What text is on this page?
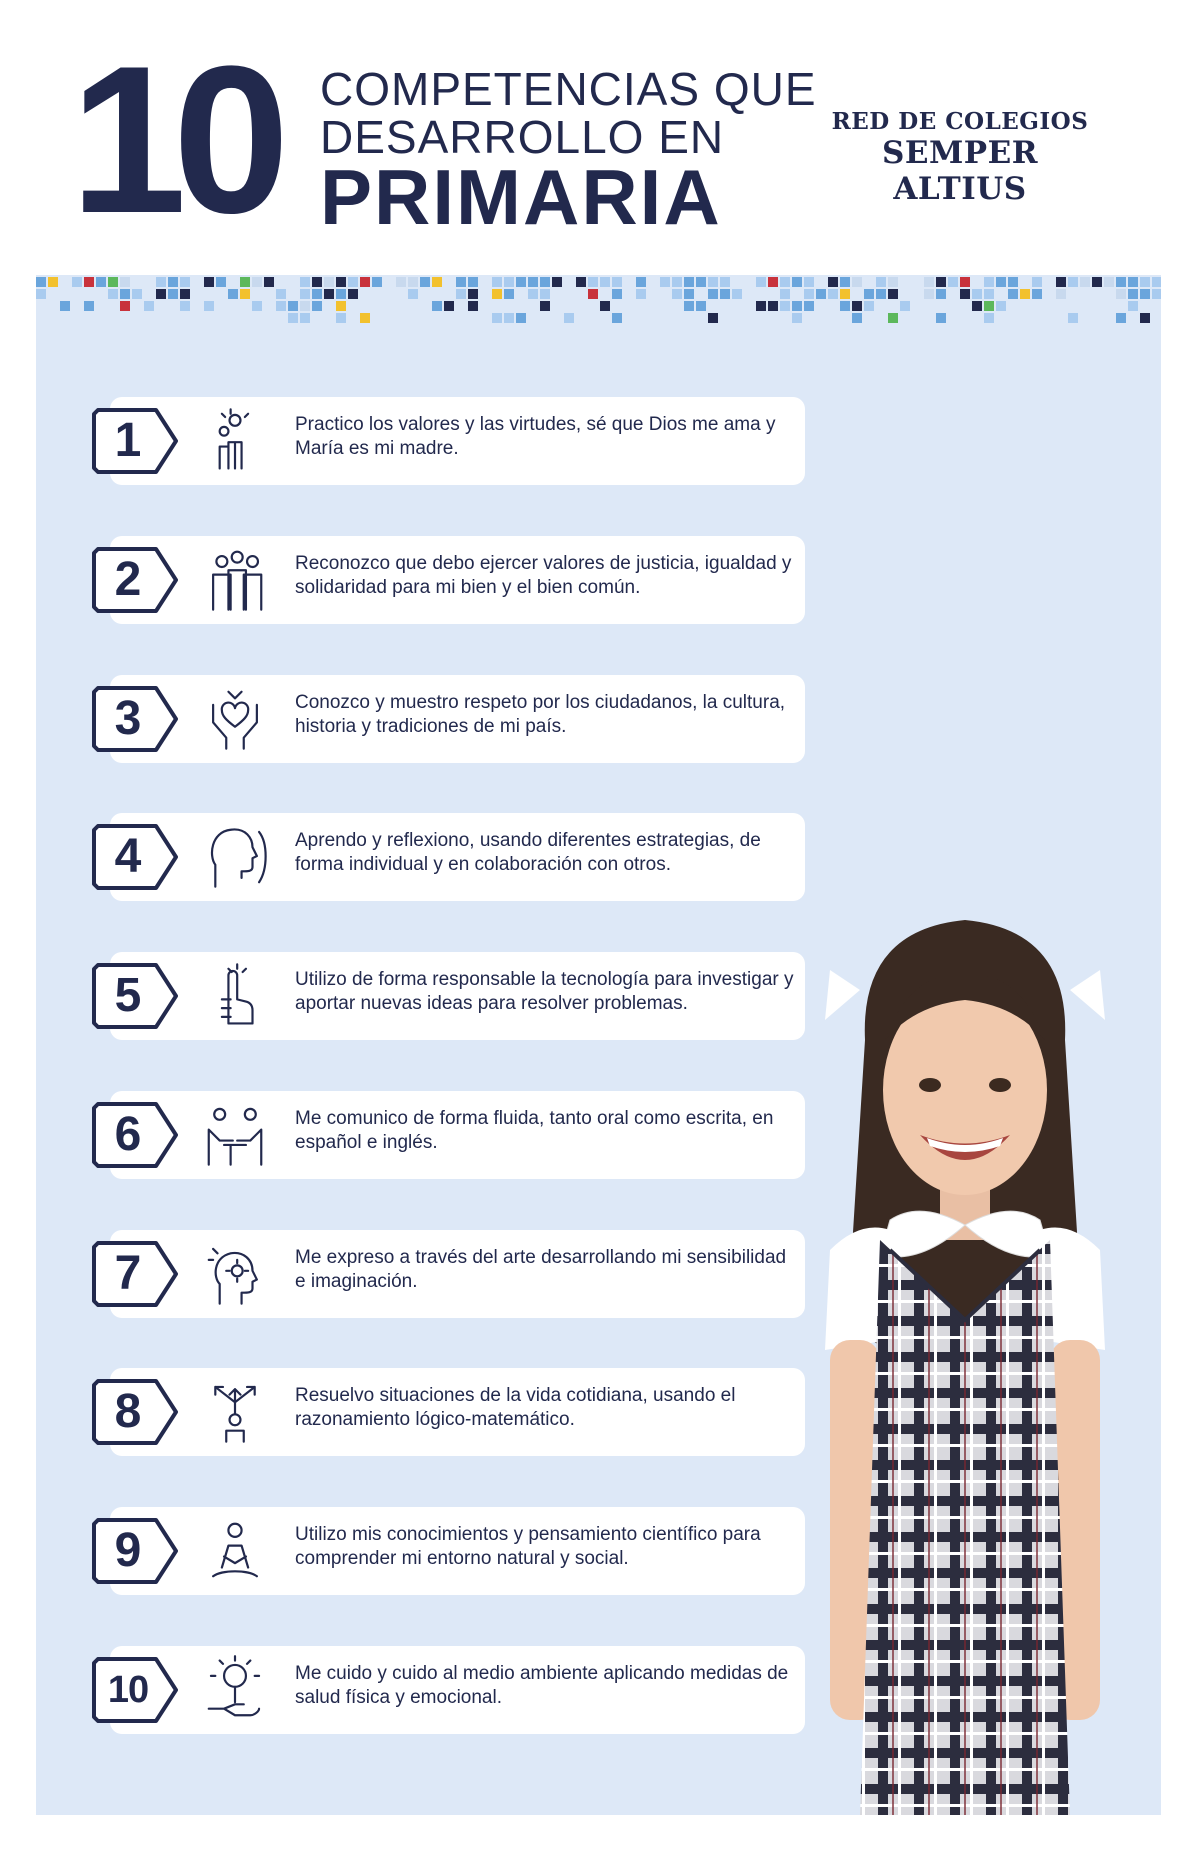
10 COMPETENCIAS QUE
DESARROLLO EN
PRIMARIA
RED DE COLEGIOS
SEMPER ALTIUS
1	Practico los valores y las virtudes, sé que Dios me ama y María es mi madre.
2	Reconozco que debo ejercer valores de justicia, igualdad y solidaridad para mi bien y el bien común.
3	Conozco y muestro respeto por los ciudadanos, la cultura, historia y tradiciones de mi país.
4	Aprendo y reflexiono, usando diferentes estrategias, de forma individual y en colaboración con otros.
5	Utilizo de forma responsable la tecnología para investigar y aportar nuevas ideas para resolver problemas.
6	Me comunico de forma fluida, tanto oral como escrita, en español e inglés.
7	Me expreso a través del arte desarrollando mi sensibilidad e imaginación.
8	Resuelvo situaciones de la vida cotidiana, usando el razonamiento lógico-matemático.
9	Utilizo mis conocimientos y pensamiento científico para comprender mi entorno natural y social.
10	Me cuido y cuido al medio ambiente aplicando medidas de salud física y emocional.
